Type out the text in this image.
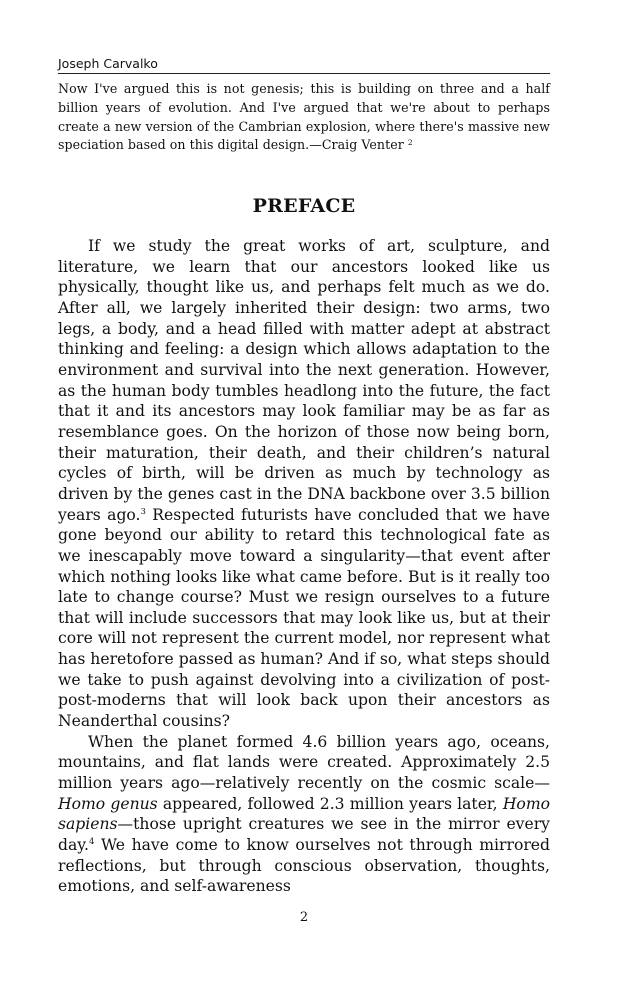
Joseph Carvalko
Now I've argued this is not genesis; this is building on three and a half billion years of evolution. And I've argued that we're about to perhaps create a new version of the Cambrian explosion, where there's massive new speciation based on this digital design.—Craig Venter $^2$
PREFACE

If we study the great works of art, sculpture, and literature, we learn that our ancestors looked like us physically, thought like us, and perhaps felt much as we do. After all, we largely inherited their design: two arms, two legs, a body, and a head filled with matter adept at abstract thinking and feeling: a design which allows adaptation to the environment and survival into the next generation. However, as the human body tumbles headlong into the future, the fact that it and its ancestors may look familiar may be as far as resemblance goes. On the horizon of those now being born, their maturation, their death, and their children’s natural cycles of birth, will be driven as much by technology as driven by the genes cast in the DNA backbone over 3.5 billion years ago.$^3$ Respected futurists have concluded that we have gone beyond our ability to retard this technological fate as we inescapably move toward a singularity—that event after which nothing looks like what came before. But is it really too late to change course? Must we resign ourselves to a future that will include successors that may look like us, but at their core will not represent the current model, nor represent what has heretofore passed as human? And if so, what steps should we take to push against devolving into a civilization of post-post-moderns that will look back upon their ancestors as Neanderthal cousins?

When the planet formed 4.6 billion years ago, oceans, mountains, and flat lands were created. Approximately 2.5 million years ago—relatively recently on the cosmic scale—Homo genus appeared, followed 2.3 million years later, Homo sapiens—those upright creatures we see in the mirror every day.$^4$ We have come to know ourselves not through mirrored reflections, but through conscious observation, thoughts, emotions, and self-awareness

2
